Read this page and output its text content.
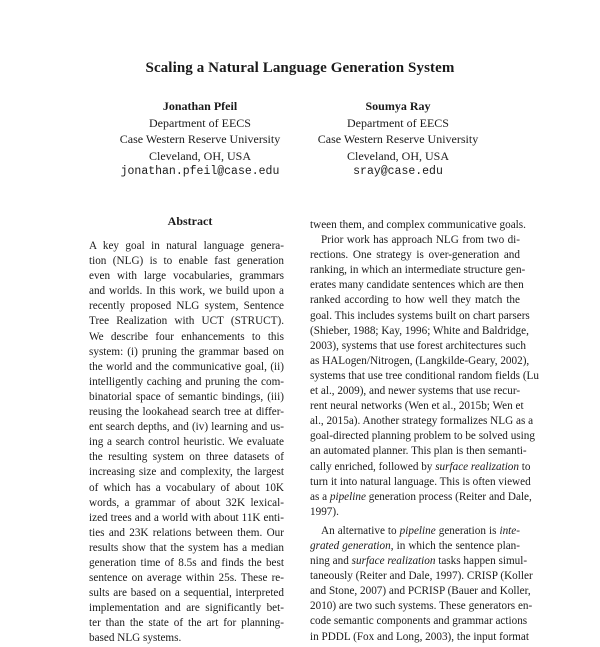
Scaling a Natural Language Generation System
Jonathan Pfeil
Department of EECS
Case Western Reserve University
Cleveland, OH, USA
jonathan.pfeil@case.edu
Soumya Ray
Department of EECS
Case Western Reserve University
Cleveland, OH, USA
sray@case.edu
Abstract
A key goal in natural language genera-
tion (NLG) is to enable fast generation
even with large vocabularies, grammars
and worlds. In this work, we build upon a
recently proposed NLG system, Sentence
Tree Realization with UCT (STRUCT).
We describe four enhancements to this
system: (i) pruning the grammar based on
the world and the communicative goal, (ii)
intelligently caching and pruning the com-
binatorial space of semantic bindings, (iii)
reusing the lookahead search tree at differ-
ent search depths, and (iv) learning and us-
ing a search control heuristic. We evaluate
the resulting system on three datasets of
increasing size and complexity, the largest
of which has a vocabulary of about 10K
words, a grammar of about 32K lexical-
ized trees and a world with about 11K enti-
ties and 23K relations between them. Our
results show that the system has a median
generation time of 8.5s and finds the best
sentence on average within 25s. These re-
sults are based on a sequential, interpreted
implementation and are significantly bet-
ter than the state of the art for planning-
based NLG systems.
tween them, and complex communicative goals.
Prior work has approach NLG from two di-
rections. One strategy is over-generation and
ranking, in which an intermediate structure gen-
erates many candidate sentences which are then
ranked according to how well they match the
goal. This includes systems built on chart parsers
(Shieber, 1988; Kay, 1996; White and Baldridge,
2003), systems that use forest architectures such
as HALogen/Nitrogen, (Langkilde-Geary, 2002),
systems that use tree conditional random fields (Lu
et al., 2009), and newer systems that use recur-
rent neural networks (Wen et al., 2015b; Wen et
al., 2015a). Another strategy formalizes NLG as a
goal-directed planning problem to be solved using
an automated planner. This plan is then semanti-
cally enriched, followed by surface realization to
turn it into natural language. This is often viewed
as a pipeline generation process (Reiter and Dale,
1997).
An alternative to pipeline generation is inte-
grated generation, in which the sentence plan-
ning and surface realization tasks happen simul-
taneously (Reiter and Dale, 1997). CRISP (Koller
and Stone, 2007) and PCRISP (Bauer and Koller,
2010) are two such systems. These generators en-
code semantic components and grammar actions
in PDDL (Fox and Long, 2003), the input format
